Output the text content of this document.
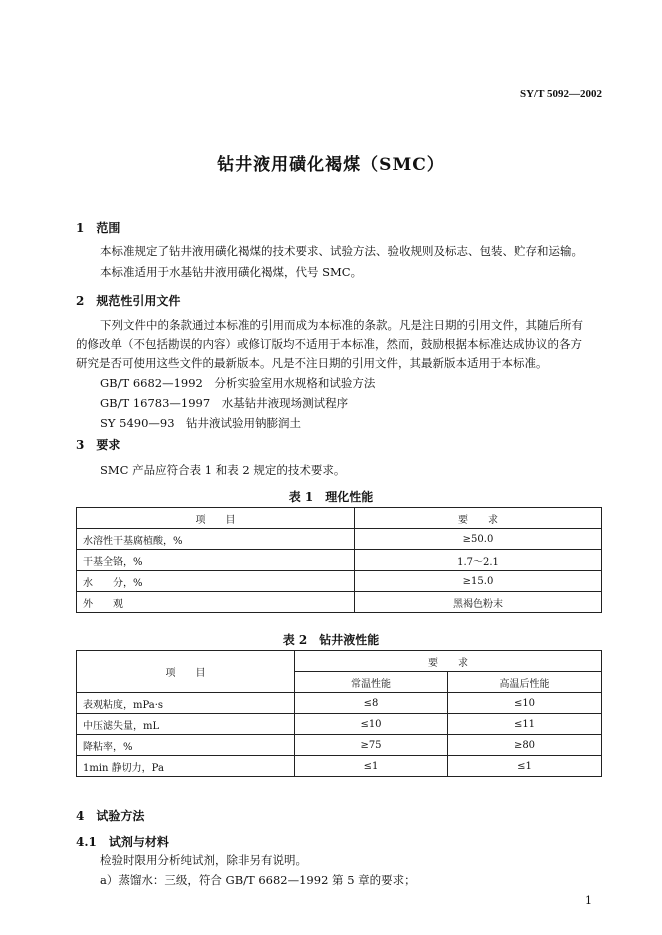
SY/T 5092—2002
钻井液用磺化褐煤（SMC）
1　范围
本标准规定了钻井液用磺化褐煤的技术要求、试验方法、验收规则及标志、包装、贮存和运输。
本标准适用于水基钻井液用磺化褐煤，代号 SMC。
2　规范性引用文件
下列文件中的条款通过本标准的引用而成为本标准的条款。凡是注日期的引用文件，其随后所有
的修改单（不包括勘误的内容）或修订版均不适用于本标准，然而，鼓励根据本标准达成协议的各方
研究是否可使用这些文件的最新版本。凡是不注日期的引用文件，其最新版本适用于本标准。
GB/T 6682—1992　分析实验室用水规格和试验方法
GB/T 16783—1997　水基钻井液现场测试程序
SY 5490—93　钻井液试验用钠膨润土
3　要求
SMC 产品应符合表 1 和表 2 规定的技术要求。
表 1　理化性能
项　　目	要　　求
水溶性干基腐植酸，%	≥50.0
干基全铬，%	1.7～2.1
水　　分，%	≥15.0
外　　观	黑褐色粉末
表 2　钻井液性能
项　　目	要　　求	
	常温性能	高温后性能
表观粘度，mPa·s	≤8	≤10
中压滤失量，mL	≤10	≤11
降粘率，%	≥75	≥80
1min 静切力，Pa	≤1	≤1
4　试验方法
4.1　试剂与材料
检验时限用分析纯试剂，除非另有说明。
a）蒸馏水：三级，符合 GB/T 6682—1992 第 5 章的要求；
1
